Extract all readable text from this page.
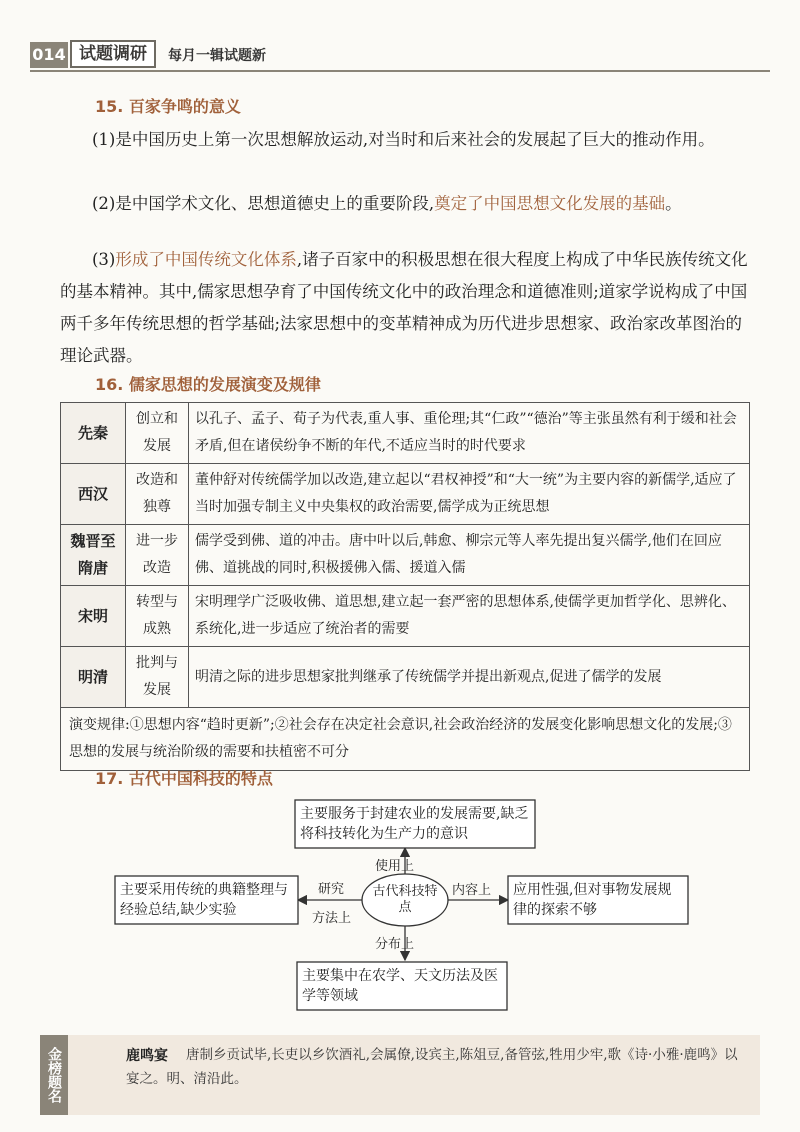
014 试题调研	每月一辑试题新
15. 百家争鸣的意义

(1)是中国历史上第一次思想解放运动,对当时和后来社会的发展起了巨大的推动作用。

(2)是中国学术文化、思想道德史上的重要阶段,奠定了中国思想文化发展的基础。

(3)形成了中国传统文化体系,诸子百家中的积极思想在很大程度上构成了中华民族传统文化的基本精神。其中,儒家思想孕育了中国传统文化中的政治理念和道德准则;道家学说构成了中国两千多年传统思想的哲学基础;法家思想中的变革精神成为历代进步思想家、政治家改革图治的理论武器。

16. 儒家思想的发展演变及规律
先秦	创立和发展	以孔子、孟子、荀子为代表,重人事、重伦理;其“仁政”“德治”等主张虽然有利于缓和社会矛盾,但在诸侯纷争不断的年代,不适应当时的时代要求
西汉	改造和独尊	董仲舒对传统儒学加以改造,建立起以“君权神授”和“大一统”为主要内容的新儒学,适应了当时加强专制主义中央集权的政治需要,儒学成为正统思想
魏晋至隋唐	进一步改造	儒学受到佛、道的冲击。唐中叶以后,韩愈、柳宗元等人率先提出复兴儒学,他们在回应佛、道挑战的同时,积极援佛入儒、援道入儒
宋明	转型与成熟	宋明理学广泛吸收佛、道思想,建立起一套严密的思想体系,使儒学更加哲学化、思辨化、系统化,进一步适应了统治者的需要
明清	批判与发展	明清之际的进步思想家批判继承了传统儒学并提出新观点,促进了儒学的发展
演变规律:①思想内容“趋时更新”;②社会存在决定社会意识,社会政治经济的发展变化影响思想文化的发展;③思想的发展与统治阶级的需要和扶植密不可分		
17. 古代中国科技的特点
古代科技特点
主要服务于封建农业的发展需要,缺乏将科技转化为生产力的意识
主要采用传统的典籍整理与经验总结,缺少实验
应用性强,但对事物发展规律的探索不够
主要集中在农学、天文历法及医学等领域
使用上
研究
方法上
内容上
分布上
金榜题名	鹿鸣宴	唐制乡贡试毕,长吏以乡饮酒礼,会属僚,设宾主,陈俎豆,备管弦,牲用少牢,歌《诗·小雅·鹿鸣》以宴之。明、清沿此。
